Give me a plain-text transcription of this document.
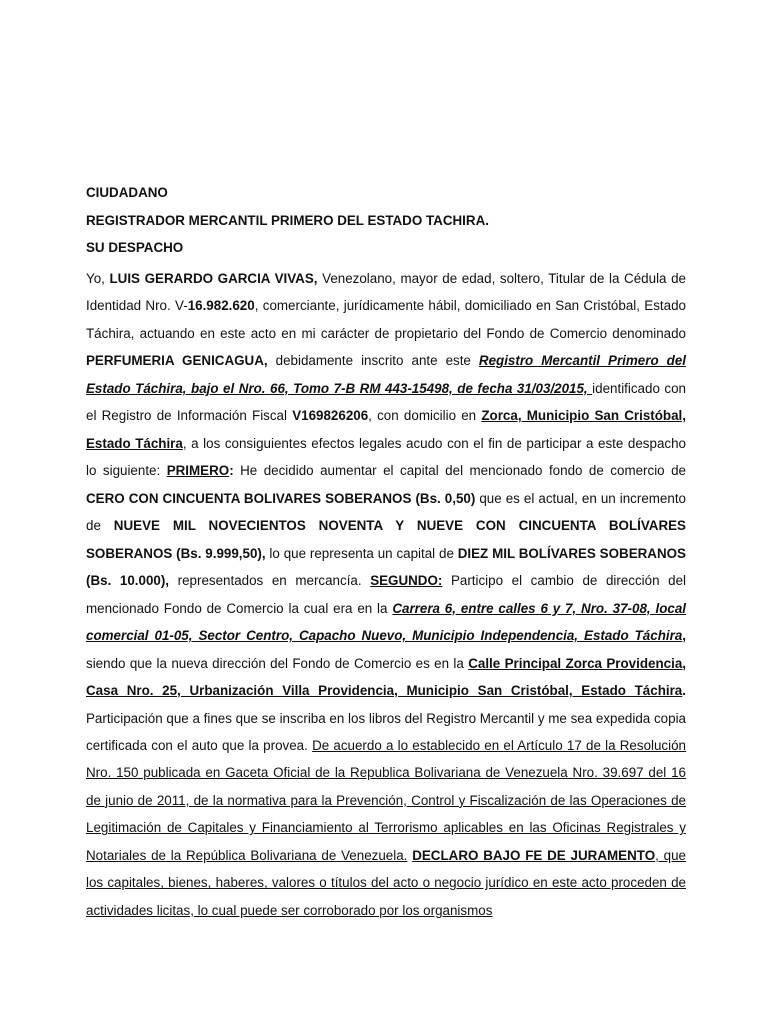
CIUDADANO
REGISTRADOR MERCANTIL PRIMERO DEL ESTADO TACHIRA.
SU DESPACHO

Yo, LUIS GERARDO GARCIA VIVAS, Venezolano, mayor de edad, soltero, Titular de la Cédula de Identidad Nro. V-16.982.620, comerciante, jurídicamente hábil, domiciliado en San Cristóbal, Estado Táchira, actuando en este acto en mi carácter de propietario del Fondo de Comercio denominado PERFUMERIA GENICAGUA, debidamente inscrito ante este Registro Mercantil Primero del Estado Táchira, bajo el Nro. 66, Tomo 7-B RM 443-15498, de fecha 31/03/2015, identificado con el Registro de Información Fiscal V169826206, con domicilio en Zorca, Municipio San Cristóbal, Estado Táchira, a los consiguientes efectos legales acudo con el fin de participar a este despacho lo siguiente: PRIMERO: He decidido aumentar el capital del mencionado fondo de comercio de CERO CON CINCUENTA BOLIVARES SOBERANOS (Bs. 0,50) que es el actual, en un incremento de NUEVE MIL NOVECIENTOS NOVENTA Y NUEVE CON CINCUENTA BOLÍVARES SOBERANOS (Bs. 9.999,50), lo que representa un capital de DIEZ MIL BOLÍVARES SOBERANOS (Bs. 10.000), representados en mercancía. SEGUNDO: Participo el cambio de dirección del mencionado Fondo de Comercio la cual era en la Carrera 6, entre calles 6 y 7, Nro. 37-08, local comercial 01-05, Sector Centro, Capacho Nuevo, Municipio Independencia, Estado Táchira, siendo que la nueva dirección del Fondo de Comercio es en la Calle Principal Zorca Providencia, Casa Nro. 25, Urbanización Villa Providencia, Municipio San Cristóbal, Estado Táchira. Participación que a fines que se inscriba en los libros del Registro Mercantil y me sea expedida copia certificada con el auto que la provea. De acuerdo a lo establecido en el Artículo 17 de la Resolución Nro. 150 publicada en Gaceta Oficial de la Republica Bolivariana de Venezuela Nro. 39.697 del 16 de junio de 2011, de la normativa para la Prevención, Control y Fiscalización de las Operaciones de Legitimación de Capitales y Financiamiento al Terrorismo aplicables en las Oficinas Registrales y Notariales de la República Bolivariana de Venezuela. DECLARO BAJO FE DE JURAMENTO, que los capitales, bienes, haberes, valores o títulos del acto o negocio jurídico en este acto proceden de actividades licitas, lo cual puede ser corroborado por los organismos
